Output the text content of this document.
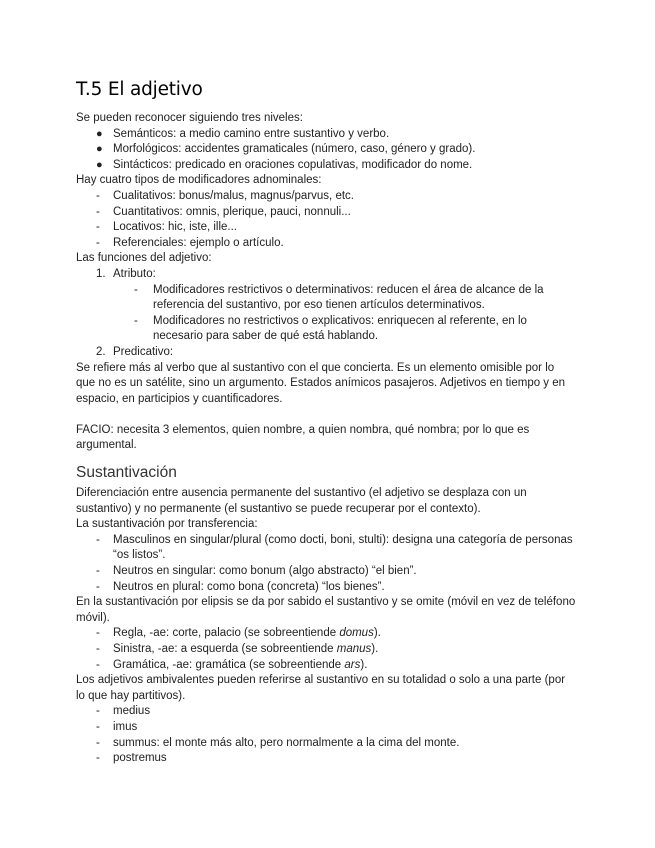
T.5 El adjetivo

Se pueden reconocer siguiendo tres niveles:

● Semánticos: a medio camino entre sustantivo y verbo.
● Morfológicos: accidentes gramaticales (número, caso, género y grado).
● Sintácticos: predicado en oraciones copulativas, modificador do nome.

Hay cuatro tipos de modificadores adnominales:

- Cualitativos: bonus/malus, magnus/parvus, etc.
- Cuantitativos: omnis, plerique, pauci, nonnuli...
- Locativos: hic, iste, ille...
- Referenciales: ejemplo o artículo.

Las funciones del adjetivo:

1. Atributo:
- Modificadores restrictivos o determinativos: reducen el área de alcance de la referencia del sustantivo, por eso tienen artículos determinativos.
- Modificadores no restrictivos o explicativos: enriquecen al referente, en lo necesario para saber de qué está hablando.
2. Predicativo:

Se refiere más al verbo que al sustantivo con el que concierta. Es un elemento omisible por lo que no es un satélite, sino un argumento. Estados anímicos pasajeros. Adjetivos en tiempo y en espacio, en participios y cuantificadores.

FACIO: necesita 3 elementos, quien nombre, a quien nombra, qué nombra; por lo que es argumental.

Sustantivación

Diferenciación entre ausencia permanente del sustantivo (el adjetivo se desplaza con un sustantivo) y no permanente (el sustantivo se puede recuperar por el contexto).

La sustantivación por transferencia:

- Masculinos en singular/plural (como docti, boni, stulti): designa una categoría de personas “os listos”.
- Neutros en singular: como bonum (algo abstracto) “el bien”.
- Neutros en plural: como bona (concreta) “los bienes”.

En la sustantivación por elipsis se da por sabido el sustantivo y se omite (móvil en vez de teléfono móvil).

- Regla, -ae: corte, palacio (se sobreentiende domus).
- Sinistra, -ae: a esquerda (se sobreentiende manus).
- Gramática, -ae: gramática (se sobreentiende ars).

Los adjetivos ambivalentes pueden referirse al sustantivo en su totalidad o solo a una parte (por lo que hay partitivos).

- medius
- imus
- summus: el monte más alto, pero normalmente a la cima del monte.
- postremus
